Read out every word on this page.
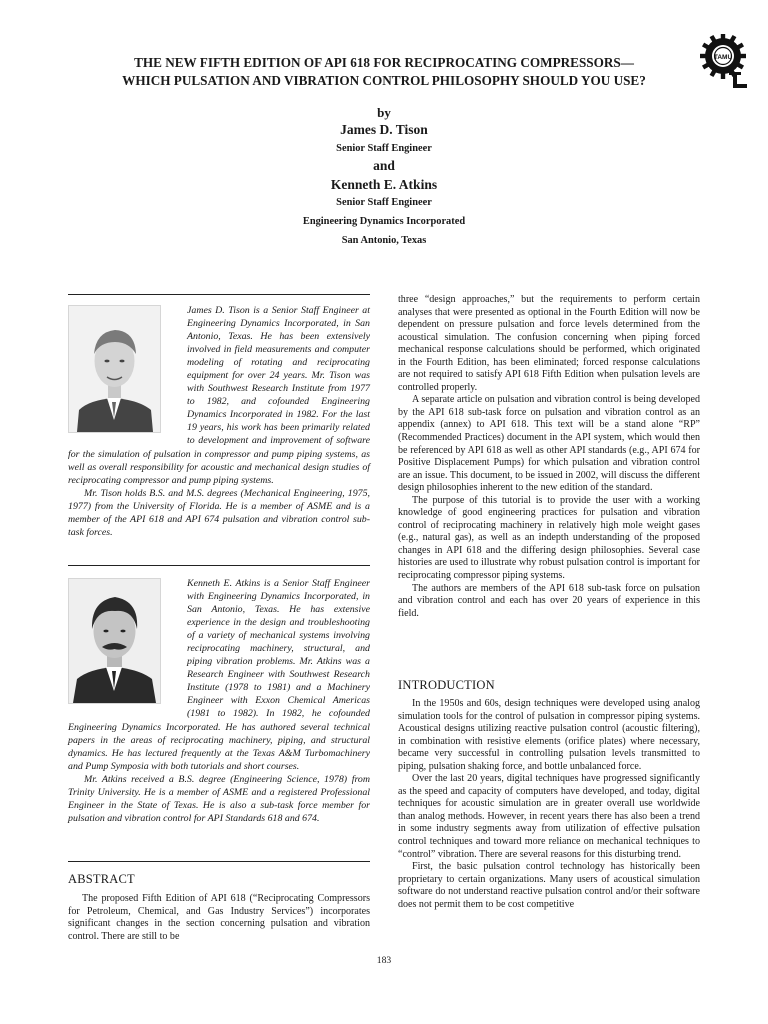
THE NEW FIFTH EDITION OF API 618 FOR RECIPROCATING COMPRESSORS—
WHICH PULSATION AND VIBRATION CONTROL PHILOSOPHY SHOULD YOU USE?
TAMU
by
James D. Tison
Senior Staff Engineer
and
Kenneth E. Atkins
Senior Staff Engineer
Engineering Dynamics Incorporated
San Antonio, Texas

James D. Tison is a Senior Staff Engineer at Engineering Dynamics Incorporated, in San Antonio, Texas. He has been extensively involved in field measurements and computer modeling of rotating and reciprocating equipment for over 24 years. Mr. Tison was with Southwest Research Institute from 1977 to 1982, and cofounded Engineering Dynamics Incorporated in 1982. For the last 19 years, his work has been primarily related to development and improvement of software for the simulation of pulsation in compressor and pump piping systems, as well as overall responsibility for acoustic and mechanical design studies of reciprocating compressor and pump piping systems.

Mr. Tison holds B.S. and M.S. degrees (Mechanical Engineering, 1975, 1977) from the University of Florida. He is a member of ASME and is a member of the API 618 and API 674 pulsation and vibration control sub-task forces.

Kenneth E. Atkins is a Senior Staff Engineer with Engineering Dynamics Incorporated, in San Antonio, Texas. He has extensive experience in the design and troubleshooting of a variety of mechanical systems involving reciprocating machinery, structural, and piping vibration problems. Mr. Atkins was a Research Engineer with Southwest Research Institute (1978 to 1981) and a Machinery Engineer with Exxon Chemical Americas (1981 to 1982). In 1982, he cofounded Engineering Dynamics Incorporated. He has authored several technical papers in the areas of reciprocating machinery, piping, and structural dynamics. He has lectured frequently at the Texas A&M Turbomachinery and Pump Symposia with both tutorials and short courses.

Mr. Atkins received a B.S. degree (Engineering Science, 1978) from Trinity University. He is a member of ASME and a registered Professional Engineer in the State of Texas. He is also a sub-task force member for pulsation and vibration control for API Standards 618 and 674.

ABSTRACT

The proposed Fifth Edition of API 618 (“Reciprocating Compressors for Petroleum, Chemical, and Gas Industry Services”) incorporates significant changes in the section concerning pulsation and vibration control. There are still to be

three “design approaches,” but the requirements to perform certain analyses that were presented as optional in the Fourth Edition will now be dependent on pressure pulsation and force levels determined from the acoustical simulation. The confusion concerning when piping forced mechanical response calculations should be performed, which originated in the Fourth Edition, has been eliminated; forced response calculations are not required to satisfy API 618 Fifth Edition when pulsation levels are controlled properly.

A separate article on pulsation and vibration control is being developed by the API 618 sub-task force on pulsation and vibration control as an appendix (annex) to API 618. This text will be a stand alone “RP” (Recommended Practices) document in the API system, which would then be referenced by API 618 as well as other API standards (e.g., API 674 for Positive Displacement Pumps) for which pulsation and vibration control are an issue. This document, to be issued in 2002, will discuss the different design philosophies inherent to the new edition of the standard.

The purpose of this tutorial is to provide the user with a working knowledge of good engineering practices for pulsation and vibration control of reciprocating machinery in relatively high mole weight gases (e.g., natural gas), as well as an indepth understanding of the proposed changes in API 618 and the differing design philosophies. Several case histories are used to illustrate why robust pulsation control is important for reciprocating compressor piping systems.

The authors are members of the API 618 sub-task force on pulsation and vibration control and each has over 20 years of experience in this field.

INTRODUCTION

In the 1950s and 60s, design techniques were developed using analog simulation tools for the control of pulsation in compressor piping systems. Acoustical designs utilizing reactive pulsation control (acoustic filtering), in combination with resistive elements (orifice plates) where necessary, became very successful in controlling pulsation levels transmitted to piping, pulsation shaking force, and bottle unbalanced force.

Over the last 20 years, digital techniques have progressed significantly as the speed and capacity of computers have developed, and today, digital techniques for acoustic simulation are in greater overall use worldwide than analog methods. However, in recent years there has also been a trend in some industry segments away from utilization of effective pulsation control techniques and toward more reliance on mechanical techniques to “control” vibration. There are several reasons for this disturbing trend.

First, the basic pulsation control technology has historically been proprietary to certain organizations. Many users of acoustical simulation software do not understand reactive pulsation control and/or their software does not permit them to be cost competitive

183
